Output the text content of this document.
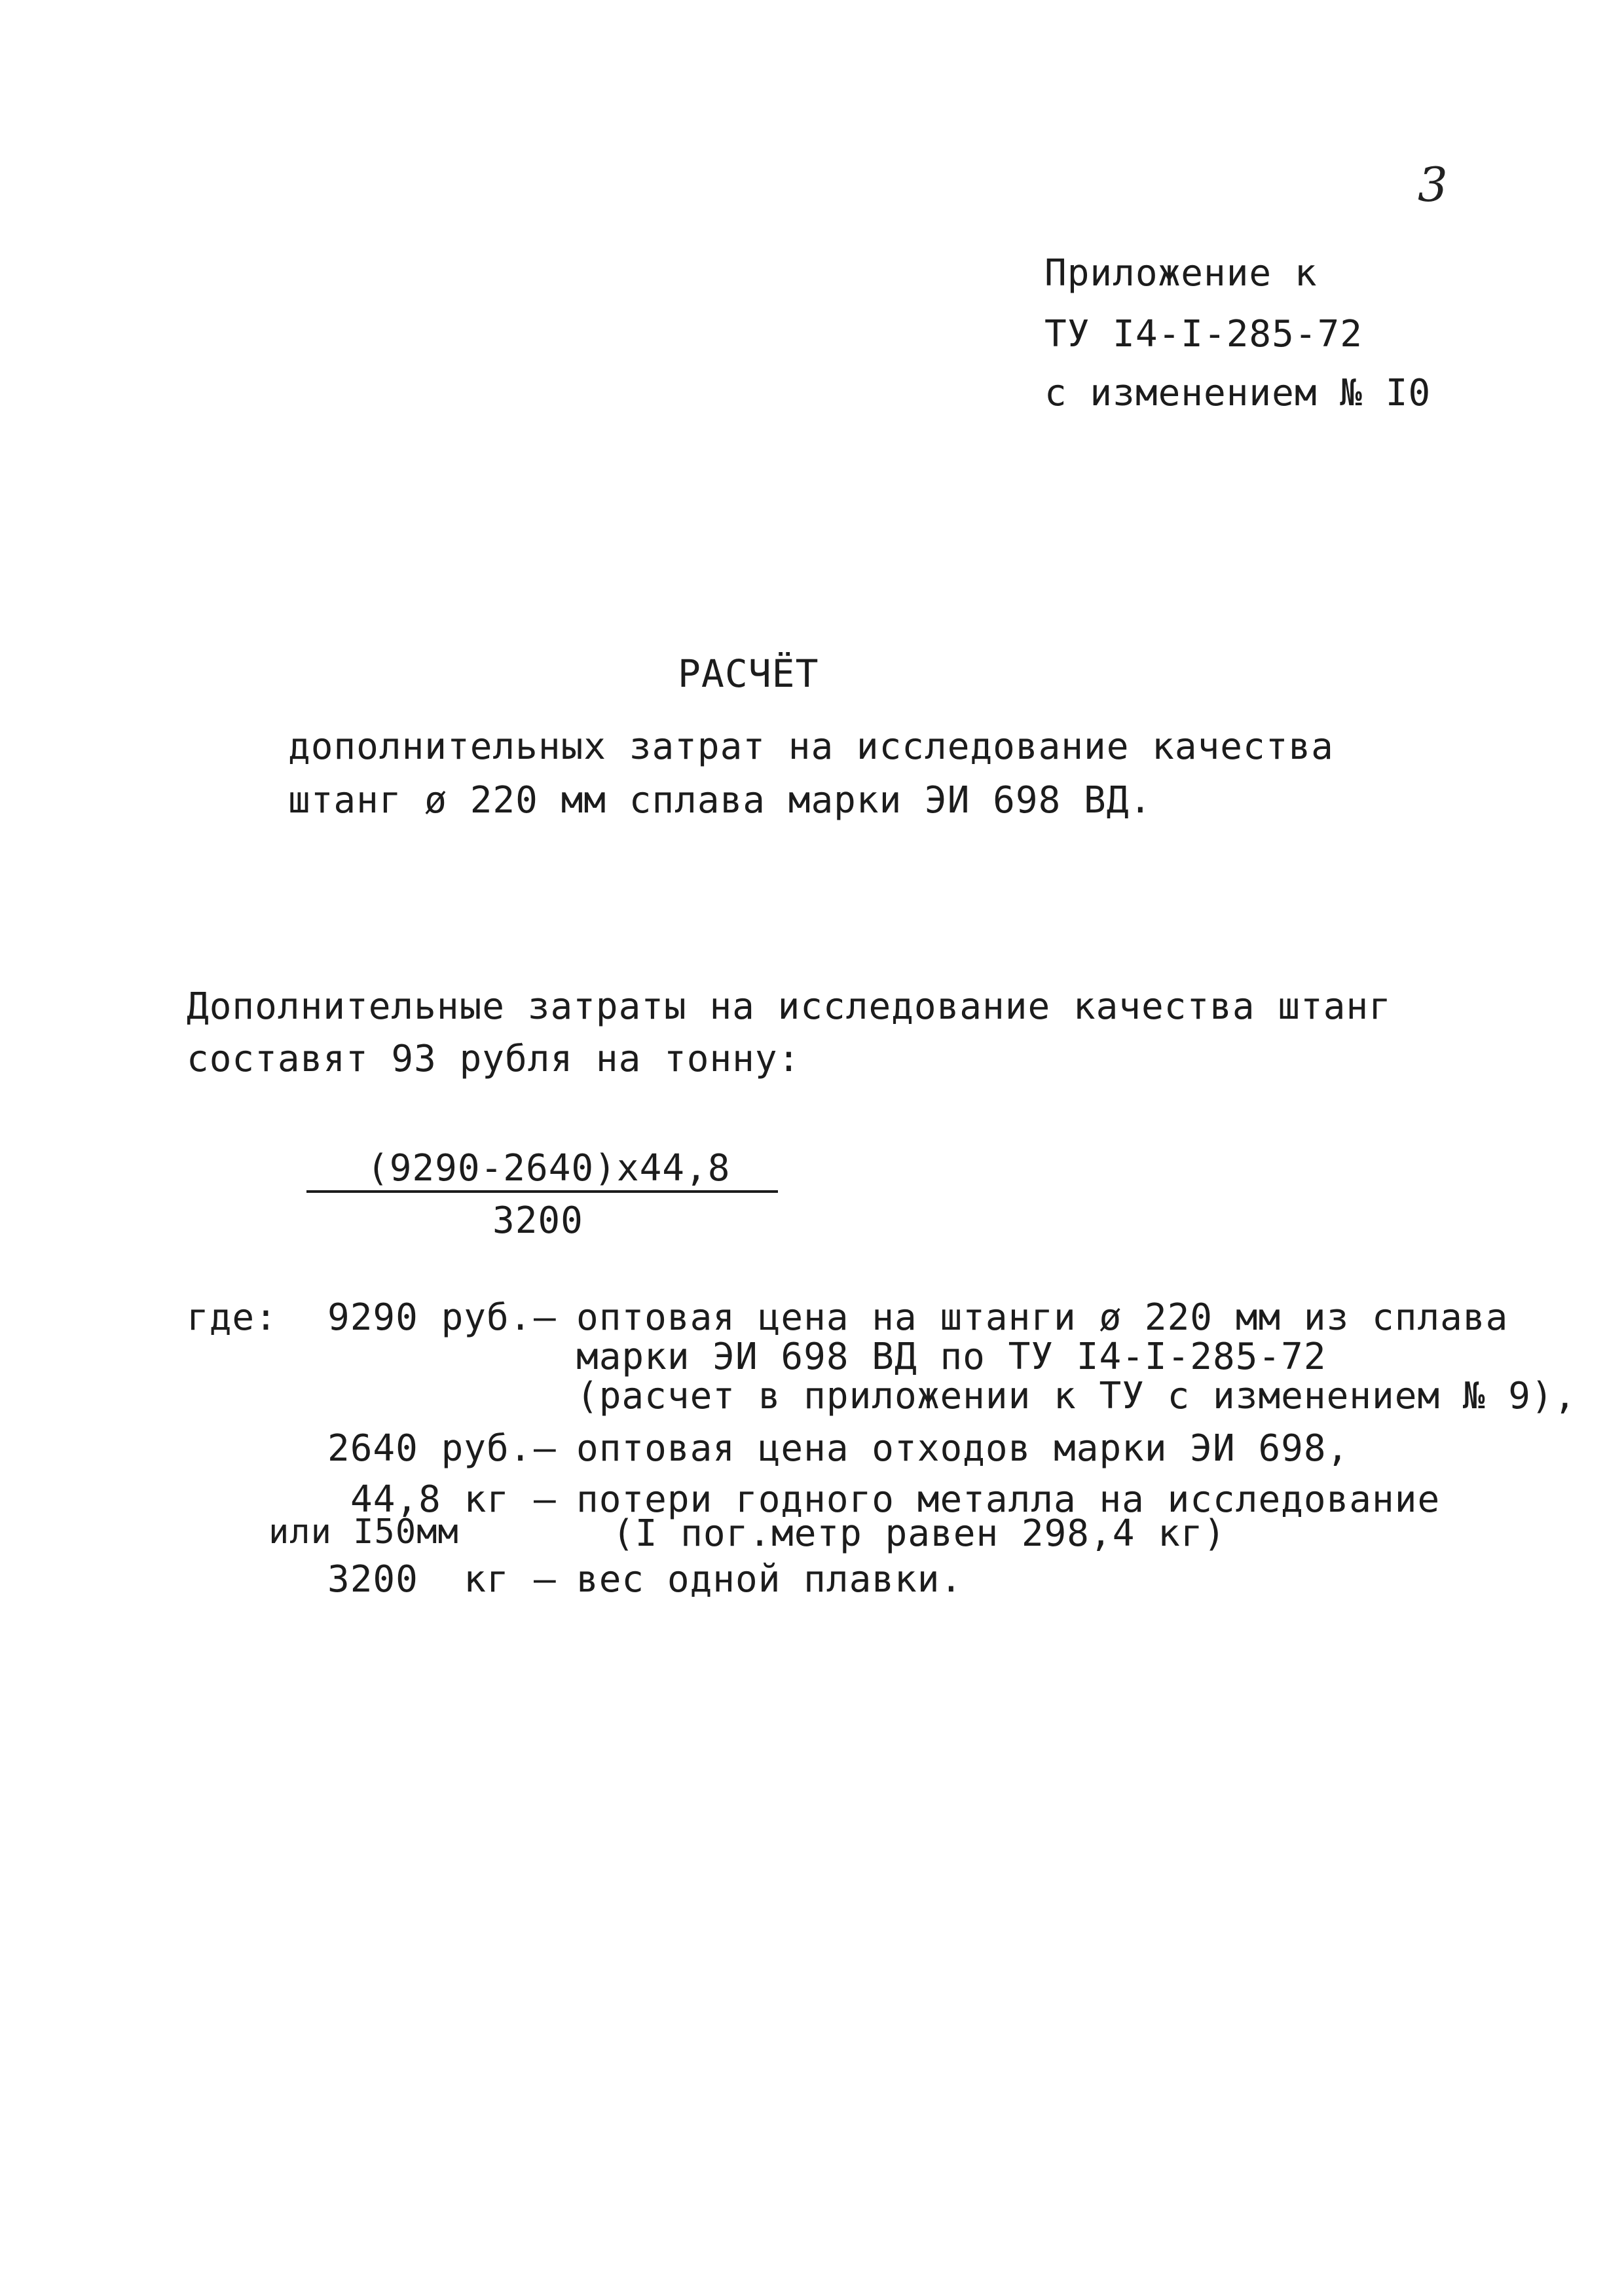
3
Приложение к
ТУ I4-I-285-72
с изменением № I0
РАСЧЁТ
дополнительных затрат на исследование качества
штанг ø 220 мм сплава марки ЭИ 698 ВД.
Дополнительные затраты на исследование качества штанг
составят 93 рубля на тонну:
(9290-2640)x44,8
3200
где: 9290 руб. – оптовая цена на штанги ø 220 мм из сплава
марки ЭИ 698 ВД по ТУ I4-I-285-72
(расчет в приложении к ТУ с изменением № 9),
2640 руб. – оптовая цена отходов марки ЭИ 698,
44,8 кг
или I50мм
– потери годного металла на исследование
(I пог.метр равен 298,4 кг)
3200  кг – вес одной плавки.
